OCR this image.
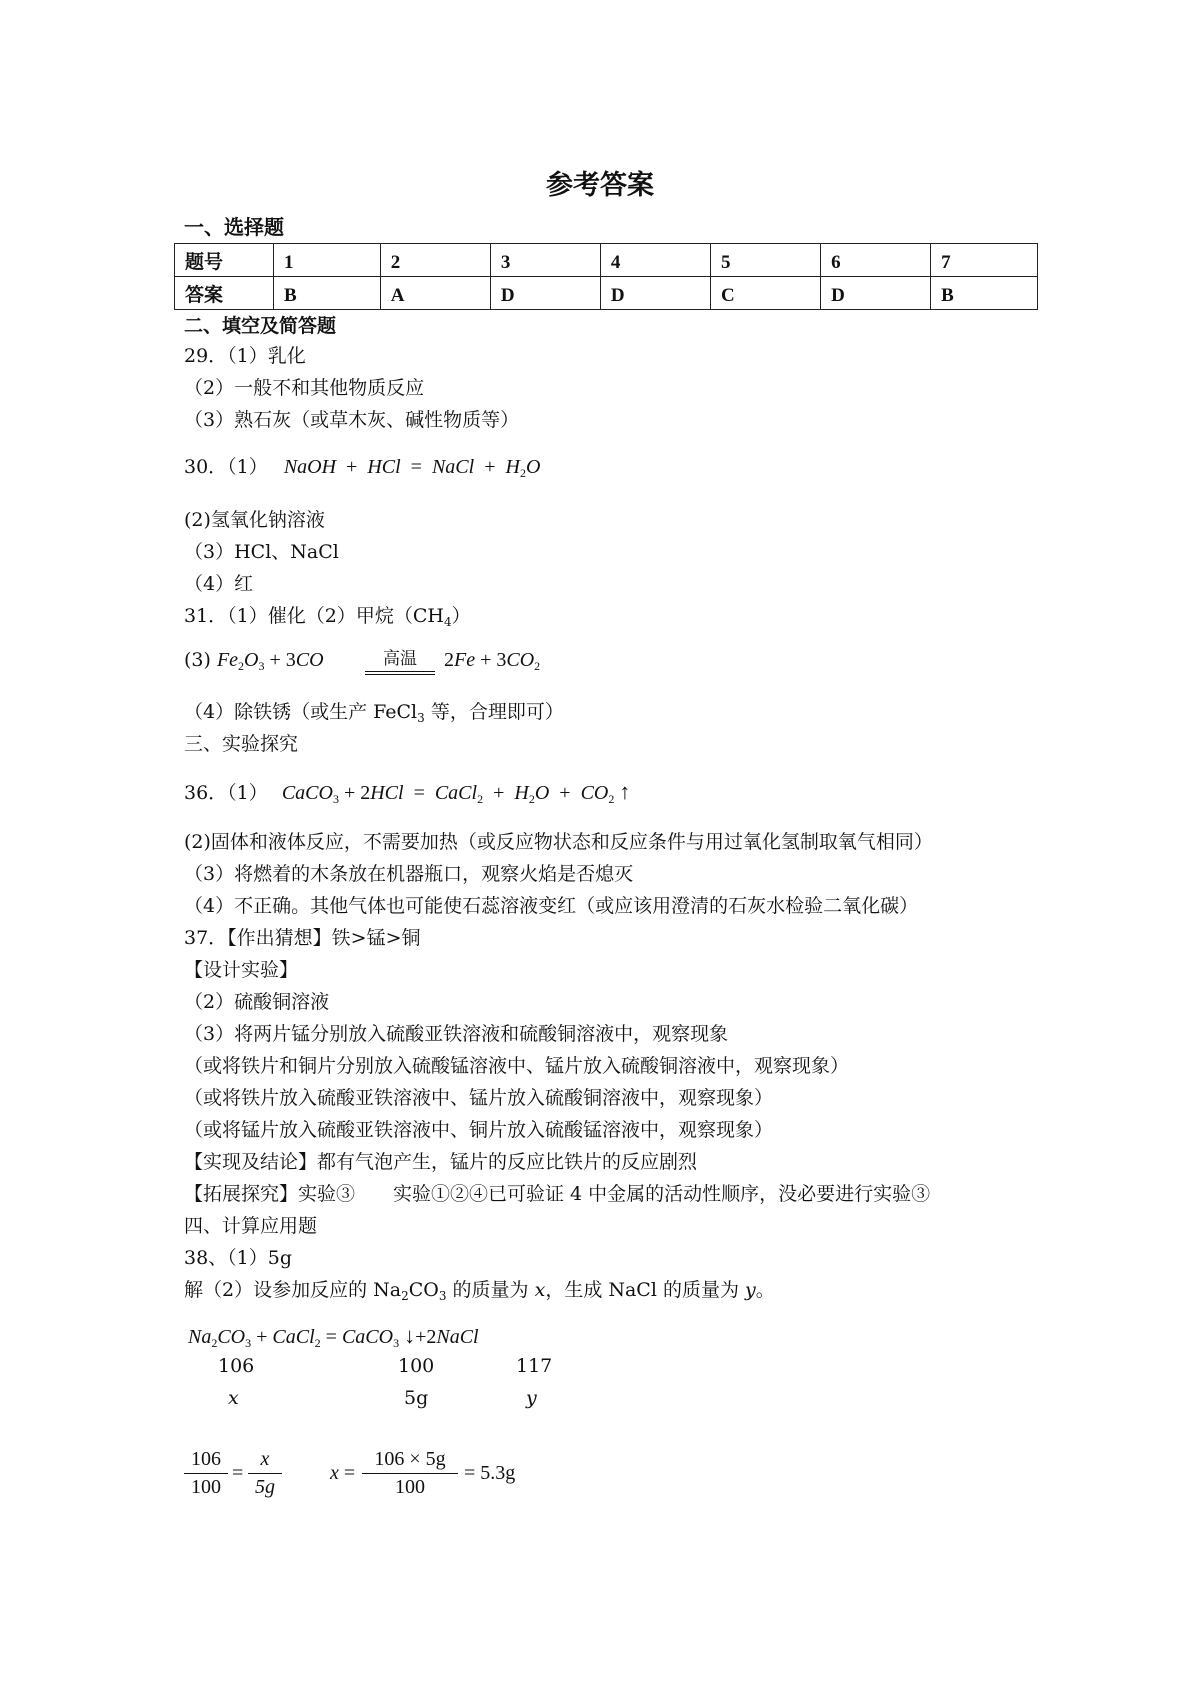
参考答案
一、选择题
题号	1	2	3	4	5	6	7
答案	B	A	D	D	C	D	B
二、填空及简答题
29．（1）乳化
（2）一般不和其他物质反应
（3）熟石灰（或草木灰、碱性物质等）
30．（1） NaOH  +  HCl  =  NaCl  +  $H_2O$
(2)氢氧化钠溶液
（3）HCl、NaCl
（4）红
31．（1）催化（2）甲烷$(CH_4)$
(3) $Fe_2O_3 + 3CO$	高温	$2Fe + 3CO_2$
（4）除铁锈（或生产 FeCl$_3$ 等，合理即可）
三、实验探究
36．（1） CaCO$_3$ + 2HCl  =  CaCl$_2$  +  $H_2O + CO_2$ ↑
(2)固体和液体反应，不需要加热（或反应物状态和反应条件与用过氧化氢制取氧气相同）
（3）将燃着的木条放在机器瓶口，观察火焰是否熄灭
（4）不正确。其他气体也可能使石蕊溶液变红（或应该用澄清的石灰水检验二氧化碳）
37．【作出猜想】铁>锰>铜
【设计实验】
（2）硫酸铜溶液
（3）将两片锰分别放入硫酸亚铁溶液和硫酸铜溶液中，观察现象
（或将铁片和铜片分别放入硫酸锰溶液中、锰片放入硫酸铜溶液中，观察现象）
（或将铁片放入硫酸亚铁溶液中、锰片放入硫酸铜溶液中，观察现象）
（或将锰片放入硫酸亚铁溶液中、铜片放入硫酸锰溶液中，观察现象）
【实现及结论】都有气泡产生，锰片的反应比铁片的反应剧烈
【拓展探究】实验③　　实验①②④已可验证 4 中金属的活动性顺序，没必要进行实验③
四、计算应用题
38、（1）5g
解（2）设参加反应的 $Na_2CO_3$ 的质量为 x，生成 NaCl 的质量为 y。
$Na_2CO_3$ + CaCl$_2$ = CaCO$_3$ ↓+2NaCl
106	100	117
x	5g	y
$\frac{106}{100} = \frac{x}{5g}$ $x = \frac{106 \times 5g}{100} = 5.3g$
